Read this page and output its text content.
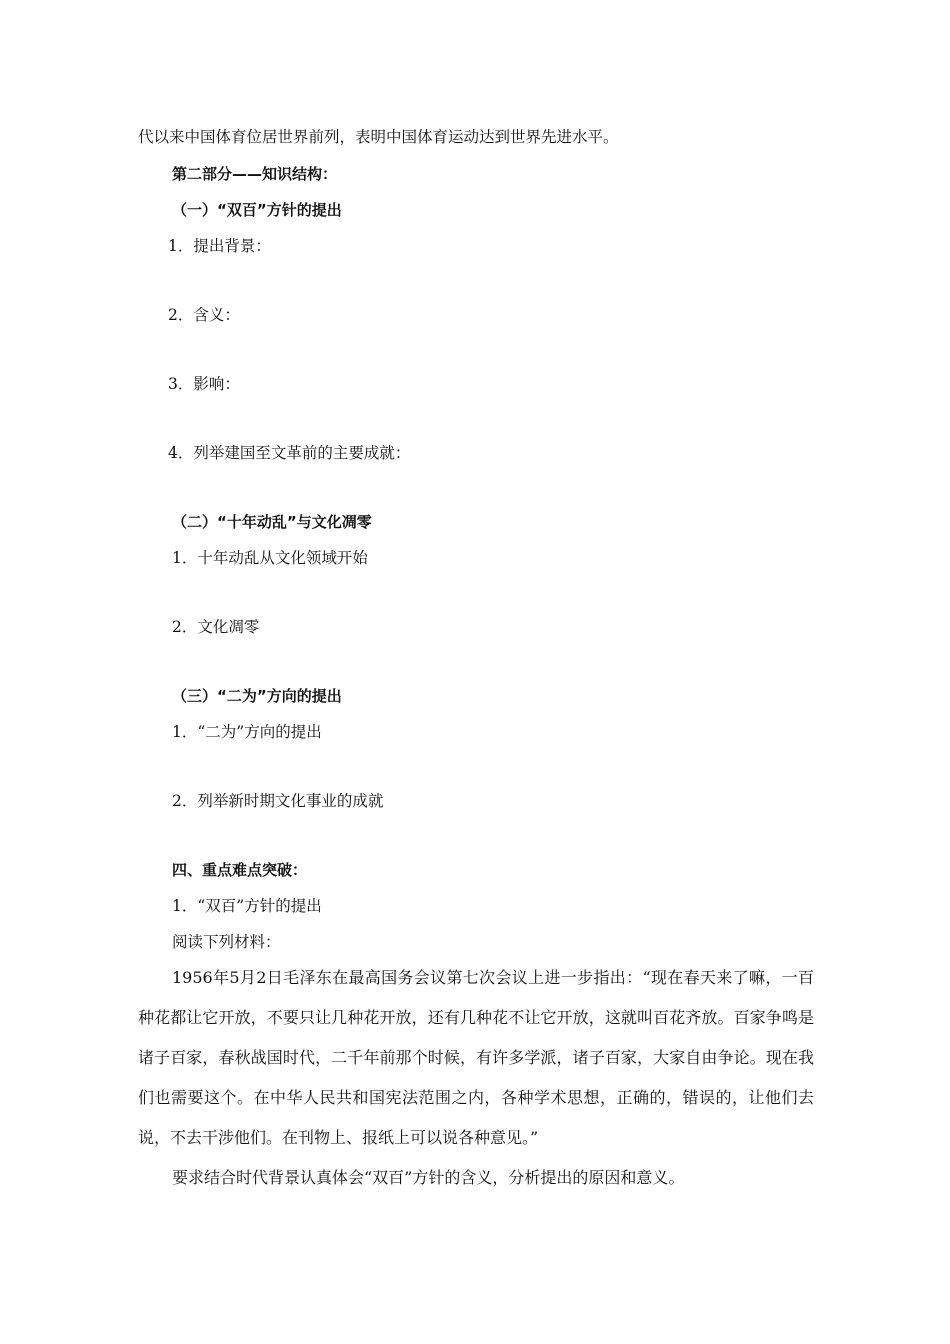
代以来中国体育位居世界前列，表明中国体育运动达到世界先进水平。
第二部分——知识结构：
（一）“双百”方针的提出
1．提出背景：
2．含义：
3．影响：
4．列举建国至文革前的主要成就：
（二）“十年动乱”与文化凋零
1．十年动乱从文化领域开始
2．文化凋零
（三）“二为”方向的提出
1．“二为”方向的提出
2．列举新时期文化事业的成就
四、重点难点突破：
1．“双百”方针的提出
阅读下列材料：
1956年5月2日毛泽东在最高国务会议第七次会议上进一步指出：“现在春天来了嘛，一百种花都让它开放，不要只让几种花开放，还有几种花不让它开放，这就叫百花齐放。百家争鸣是诸子百家，春秋战国时代，二千年前那个时候，有许多学派，诸子百家，大家自由争论。现在我们也需要这个。在中华人民共和国宪法范围之内，各种学术思想，正确的，错误的，让他们去说，不去干涉他们。在刊物上、报纸上可以说各种意见。”
要求结合时代背景认真体会“双百”方针的含义，分析提出的原因和意义。
